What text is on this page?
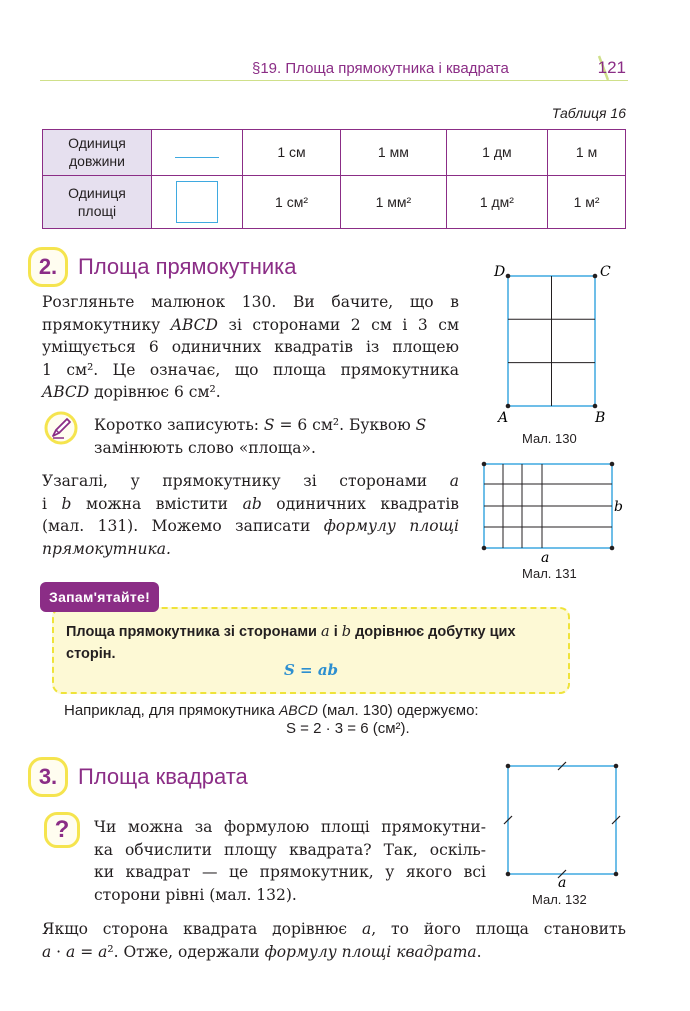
§19. Площа прямокутника і квадрата	121
Таблиця 16
Одиниця
довжини		1 см	1 мм	1 дм	1 м
Одиниця
площі		1 см²	1 мм²	1 дм²	1 м²
2. Площа прямокутника
Розгляньте малюнок 130. Ви бачите, що в
прямокутнику ABCD зі сторонами 2 см і 3 см
уміщується 6 одиничних квадратів із площею
1 см². Це означає, що площа прямокутника
ABCD дорівнює 6 см².
Коротко записують: S = 6 см². Буквою S
замінюють слово «площа».
Узагалі, у прямокутнику зі сторонами a
і b можна вмістити ab одиничних квадратів
(мал. 131). Можемо записати формулу площі
прямокутника.
D	C
A	B
Мал. 130
b
a
Мал. 131
Площа прямокутника зі сторонами a і b дорівнює добутку цих сторін.
S = ab
Запам'ятайте!
Наприклад, для прямокутника ABCD (мал. 130) одержуємо:
S = 2 · 3 = 6 (см²).
3. Площа квадрата
?	Чи можна за формулою площі прямокутни-
ка обчислити площу квадрата? Так, оскіль-
ки квадрат — це прямокутник, у якого всі
сторони рівні (мал. 132).
a
Мал. 132
Якщо сторона квадрата дорівнює a, то його площа становить
a · a = a². Отже, одержали формулу площі квадрата.
